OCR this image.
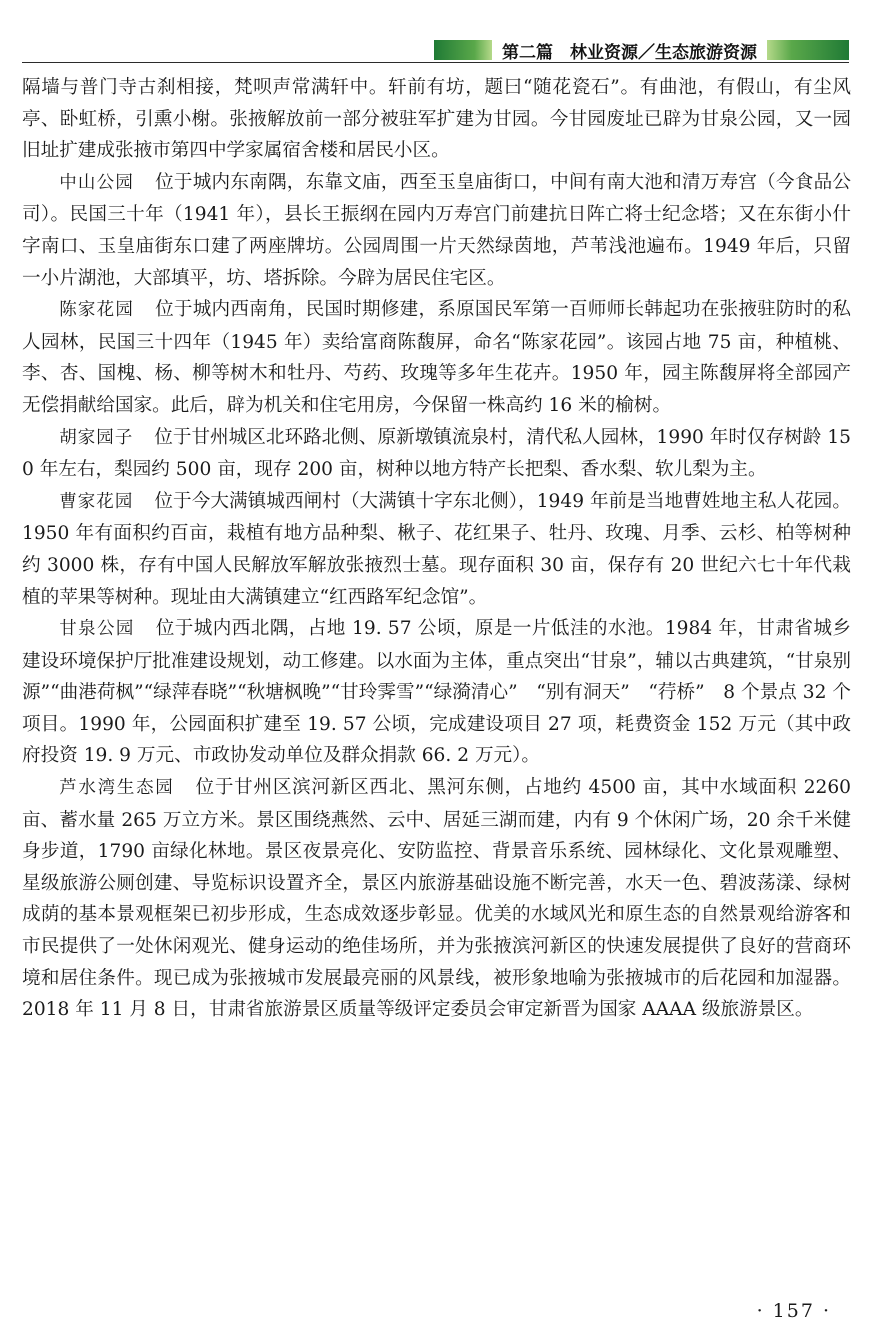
第二篇　林业资源／生态旅游资源

隔墙与普门寺古刹相接，梵呗声常满轩中。轩前有坊，题曰“随花瓷石”。有曲池，有假山，有尘风亭、卧虹桥，引熏小榭。张掖解放前一部分被驻军扩建为甘园。今甘园废址已辟为甘泉公园，又一园旧址扩建成张掖市第四中学家属宿舍楼和居民小区。

中山公园 位于城内东南隅，东靠文庙，西至玉皇庙街口，中间有南大池和清万寿宫（今食品公司）。民国三十年（1941 年），县长王振纲在园内万寿宫门前建抗日阵亡将士纪念塔；又在东街小什字南口、玉皇庙街东口建了两座牌坊。公园周围一片天然绿茵地，芦苇浅池遍布。1949 年后，只留一小片湖池，大部填平，坊、塔拆除。今辟为居民住宅区。

陈家花园 位于城内西南角，民国时期修建，系原国民军第一百师师长韩起功在张掖驻防时的私人园林，民国三十四年（1945 年）卖给富商陈馥屏，命名“陈家花园”。该园占地 75 亩，种植桃、李、杏、国槐、杨、柳等树木和牡丹、芍药、玫瑰等多年生花卉。1950 年，园主陈馥屏将全部园产无偿捐献给国家。此后，辟为机关和住宅用房，今保留一株高约 16 米的榆树。

胡家园子 位于甘州城区北环路北侧、原新墩镇流泉村，清代私人园林，1990 年时仅存树龄 150 年左右，梨园约 500 亩，现存 200 亩，树种以地方特产长把梨、香水梨、软儿梨为主。

曹家花园 位于今大满镇城西闸村（大满镇十字东北侧），1949 年前是当地曹姓地主私人花园。1950 年有面积约百亩，栽植有地方品种梨、楸子、花红果子、牡丹、玫瑰、月季、云杉、柏等树种约 3000 株，存有中国人民解放军解放张掖烈士墓。现存面积 30 亩，保存有 20 世纪六七十年代栽植的苹果等树种。现址由大满镇建立“红西路军纪念馆”。

甘泉公园 位于城内西北隅，占地 19. 57 公顷，原是一片低洼的水池。1984 年，甘肃省城乡建设环境保护厅批准建设规划，动工修建。以水面为主体，重点突出“甘泉”，辅以古典建筑，“甘泉别源”“曲港荷枫”“绿萍春晓”“秋塘枫晚”“甘玲霁雪”“绿漪清心”　“别有洞天”　“荇桥”　8 个景点 32 个项目。1990 年，公园面积扩建至 19. 57 公顷，完成建设项目 27 项，耗费资金 152 万元（其中政府投资 19. 9 万元、市政协发动单位及群众捐款 66. 2 万元）。

芦水湾生态园 位于甘州区滨河新区西北、黑河东侧，占地约 4500 亩，其中水域面积 2260 亩、蓄水量 265 万立方米。景区围绕燕然、云中、居延三湖而建，内有 9 个休闲广场，20 余千米健身步道，1790 亩绿化林地。景区夜景亮化、安防监控、背景音乐系统、园林绿化、文化景观雕塑、星级旅游公厕创建、导览标识设置齐全，景区内旅游基础设施不断完善，水天一色、碧波荡漾、绿树成荫的基本景观框架已初步形成，生态成效逐步彰显。优美的水域风光和原生态的自然景观给游客和市民提供了一处休闲观光、健身运动的绝佳场所，并为张掖滨河新区的快速发展提供了良好的营商环境和居住条件。现已成为张掖城市发展最亮丽的风景线，被形象地喻为张掖城市的后花园和加湿器。2018 年 11 月 8 日，甘肃省旅游景区质量等级评定委员会审定新晋为国家 AAAA 级旅游景区。

· 157 ·
